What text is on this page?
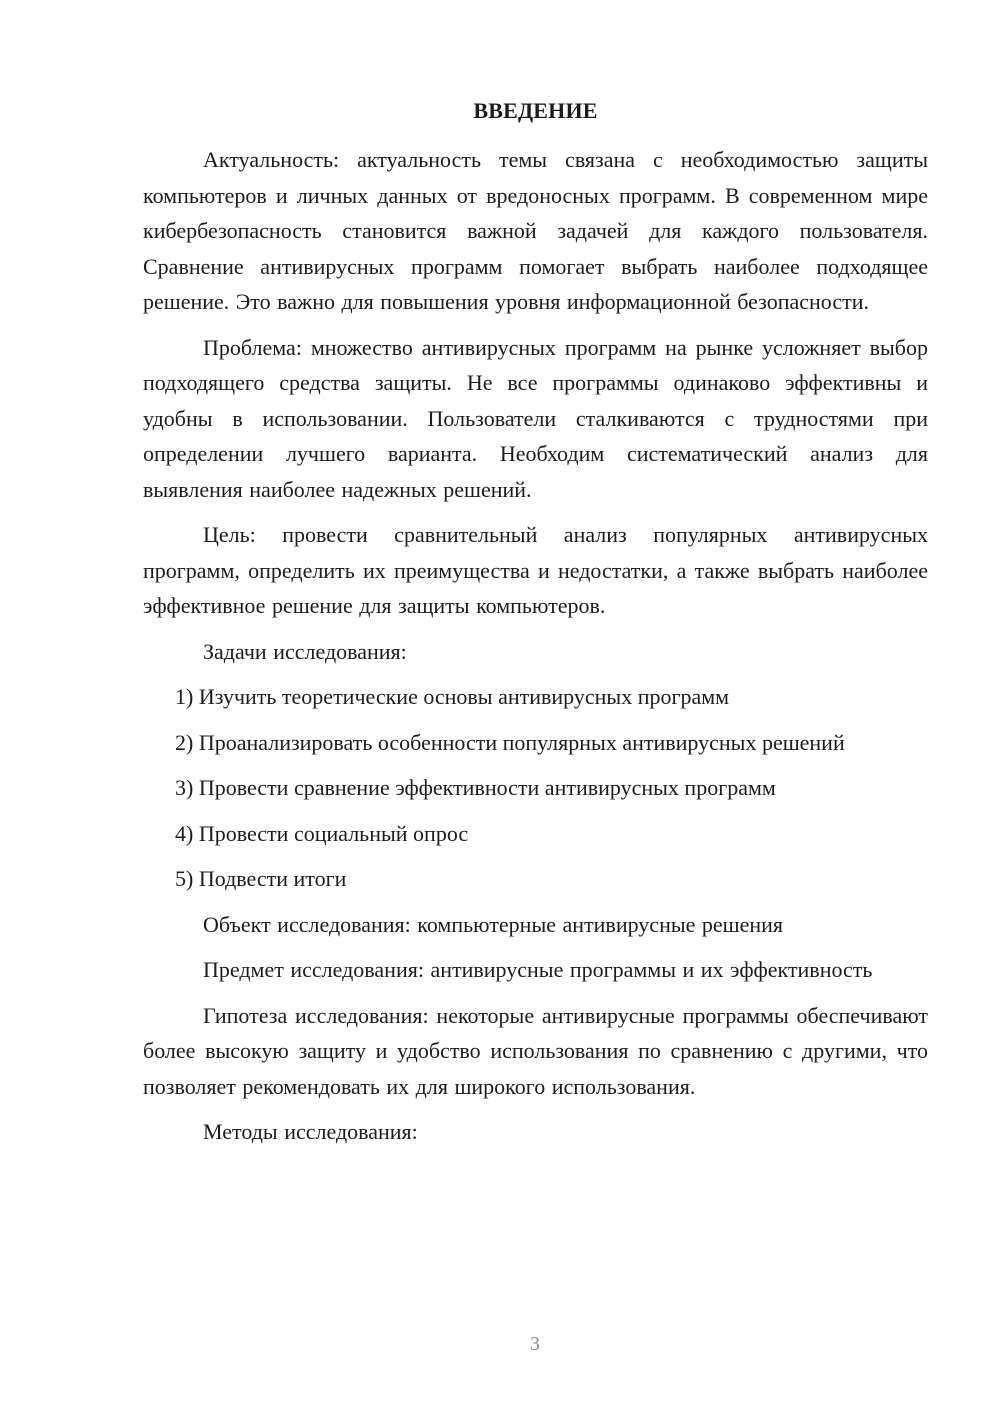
ВВЕДЕНИЕ

Актуальность: актуальность темы связана с необходимостью защиты компьютеров и личных данных от вредоносных программ. В современном мире кибербезопасность становится важной задачей для каждого пользователя. Сравнение антивирусных программ помогает выбрать наиболее подходящее решение. Это важно для повышения уровня информационной безопасности.

Проблема: множество антивирусных программ на рынке усложняет выбор подходящего средства защиты. Не все программы одинаково эффективны и удобны в использовании. Пользователи сталкиваются с трудностями при определении лучшего варианта. Необходим систематический анализ для выявления наиболее надежных решений.

Цель: провести сравнительный анализ популярных антивирусных программ, определить их преимущества и недостатки, а также выбрать наиболее эффективное решение для защиты компьютеров.

Задачи исследования:

1) Изучить теоретические основы антивирусных программ

2) Проанализировать особенности популярных антивирусных решений

3) Провести сравнение эффективности антивирусных программ

4) Провести социальный опрос

5) Подвести итоги

Объект исследования: компьютерные антивирусные решения

Предмет исследования: антивирусные программы и их эффективность

Гипотеза исследования: некоторые антивирусные программы обеспечивают более высокую защиту и удобство использования по сравнению с другими, что позволяет рекомендовать их для широкого использования.

Методы исследования:

3
